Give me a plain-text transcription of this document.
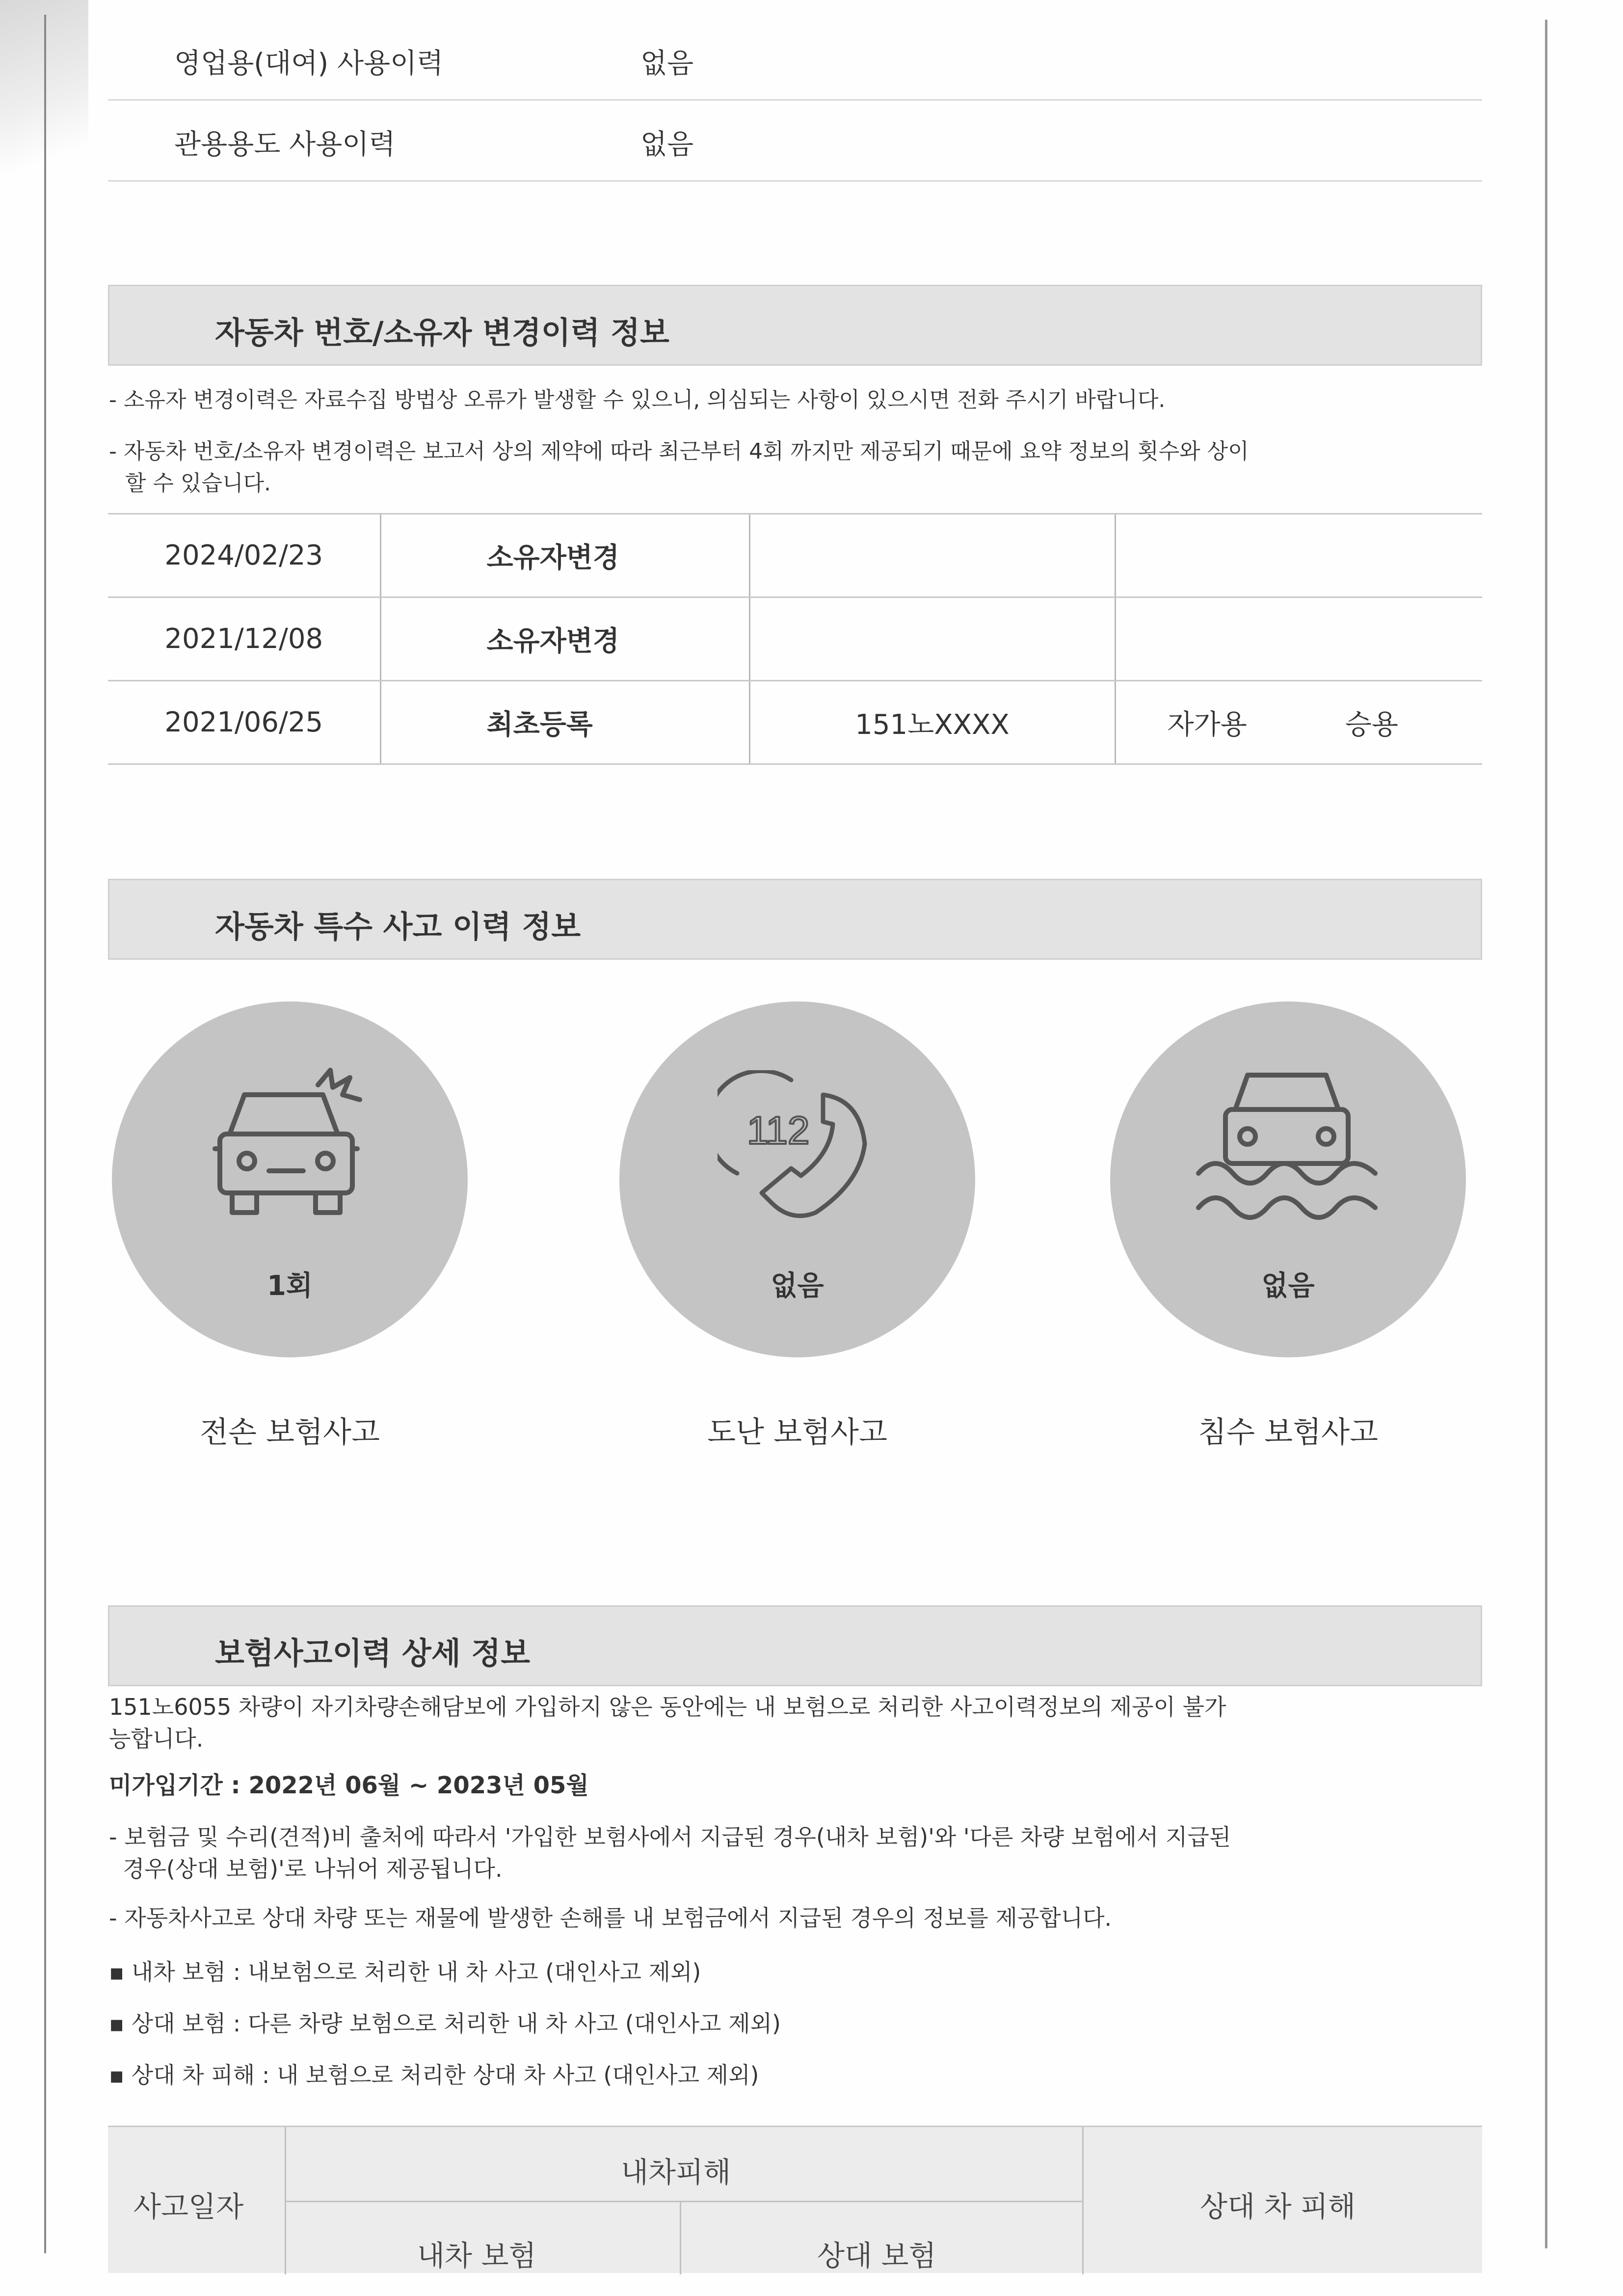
영업용(대여) 사용이력	없음
관용용도 사용이력	없음
자동차 번호/소유자 변경이력 정보
- 소유자 변경이력은 자료수집 방법상 오류가 발생할 수 있으니, 의심되는 사항이 있으시면 전화 주시기 바랍니다.
- 자동차 번호/소유자 변경이력은 보고서 상의 제약에 따라 최근부터 4회 까지만 제공되기 때문에 요약 정보의 횟수와 상이
할 수 있습니다.
2024/02/23	소유자변경		
2021/12/08	소유자변경		
2021/06/25	최초등록	151노XXXX	자가용 승용
자동차 특수 사고 이력 정보
1회
전손 보험사고
112
없음
도난 보험사고
없음
침수 보험사고
보험사고이력 상세 정보
151노6055 차량이 자기차량손해담보에 가입하지 않은 동안에는 내 보험으로 처리한 사고이력정보의 제공이 불가
능합니다.
미가입기간 : 2022년 06월 ~ 2023년 05월
- 보험금 및 수리(견적)비 출처에 따라서 '가입한 보험사에서 지급된 경우(내차 보험)'와 '다른 차량 보험에서 지급된
경우(상대 보험)'로 나뉘어 제공됩니다.
- 자동차사고로 상대 차량 또는 재물에 발생한 손해를 내 보험금에서 지급된 경우의 정보를 제공합니다.
▪ 내차 보험 : 내보험으로 처리한 내 차 사고 (대인사고 제외)
▪ 상대 보험 : 다른 차량 보험으로 처리한 내 차 사고 (대인사고 제외)
▪ 상대 차 피해 : 내 보험으로 처리한 상대 차 사고 (대인사고 제외)
사고일자
내차피해
내차 보험	상대 보험
상대 차 피해
